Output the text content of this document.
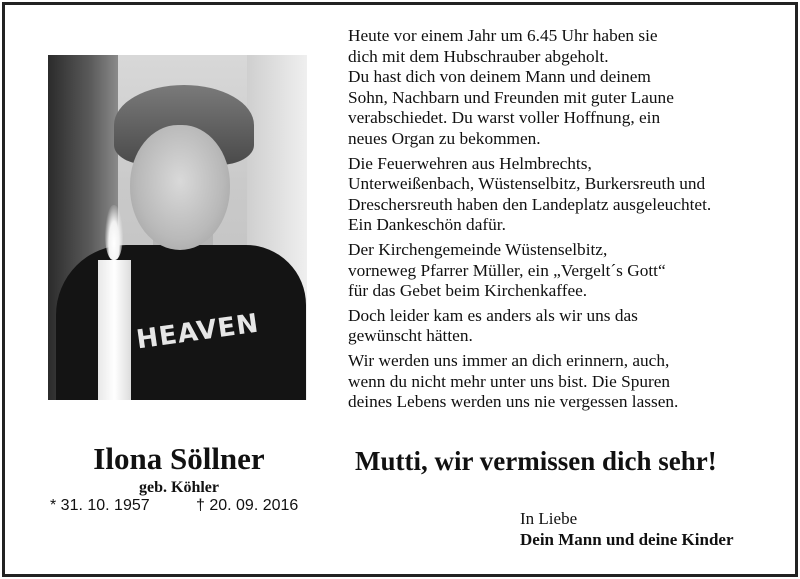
HEAVEN
Ilona Söllner
geb. Köhler
* 31. 10. 1957	† 20. 09. 2016

Heute vor einem Jahr um 6.45 Uhr haben sie
dich mit dem Hubschrauber abgeholt.
Du hast dich von deinem Mann und deinem
Sohn, Nachbarn und Freunden mit guter Laune
verabschiedet. Du warst voller Hoffnung, ein
neues Organ zu bekommen.

Die Feuerwehren aus Helmbrechts,
Unterweißenbach, Wüstenselbitz, Burkersreuth und
Dreschersreuth haben den Landeplatz ausgeleuchtet.
Ein Dankeschön dafür.

Der Kirchengemeinde Wüstenselbitz,
vorneweg Pfarrer Müller, ein „Vergelt´s Gott“
für das Gebet beim Kirchenkaffee.

Doch leider kam es anders als wir uns das
gewünscht hätten.

Wir werden uns immer an dich erinnern, auch,
wenn du nicht mehr unter uns bist. Die Spuren
deines Lebens werden uns nie vergessen lassen.

Mutti, wir vermissen dich sehr!
In Liebe
Dein Mann und deine Kinder
